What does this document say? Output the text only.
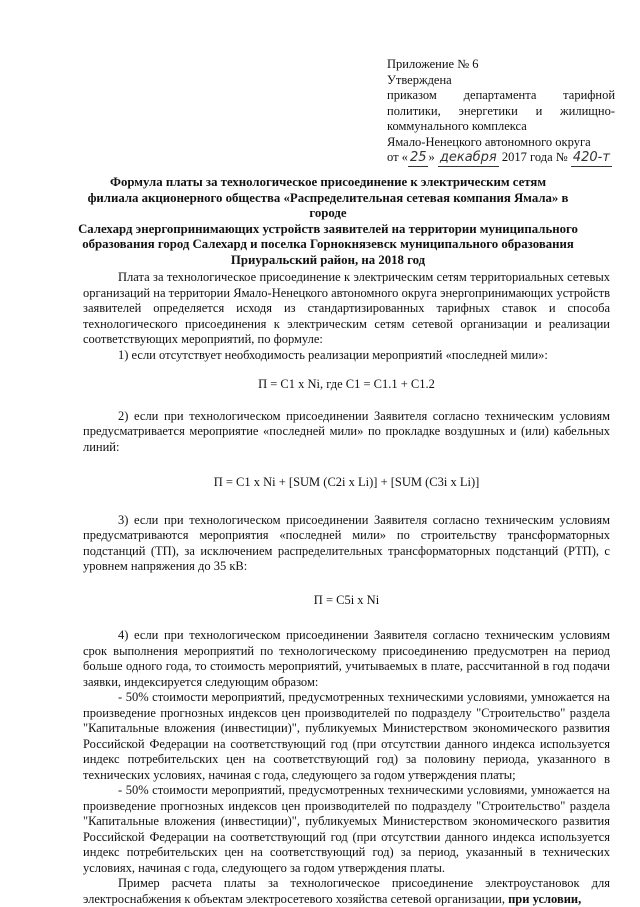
Приложение № 6
Утверждена
приказом департамента тарифной
политики, энергетики и жилищно-
коммунального комплекса
Ямало-Ненецкого автономного округа
от « 25 » декабря 2017 года № 420-т
Формула платы за технологическое присоединение к электрическим сетям
филиала акционерного общества «Распределительная сетевая компания Ямала» в городе
Салехард энергопринимающих устройств заявителей на территории муниципального
образования город Салехард и поселка Горнокнязевск муниципального образования
Приуральский район, на 2018 год

Плата за технологическое присоединение к электрическим сетям территориальных сетевых организаций на территории Ямало-Ненецкого автономного округа энергопринимающих устройств заявителей определяется исходя из стандартизированных тарифных ставок и способа технологического присоединения к электрическим сетям сетевой организации и реализации соответствующих мероприятий, по формуле:

1) если отсутствует необходимость реализации мероприятий «последней мили»:

П = С1 х Ni, где С1 = С1.1 + С1.2

2) если при технологическом присоединении Заявителя согласно техническим условиям предусматривается мероприятие «последней мили» по прокладке воздушных и (или) кабельных линий:

П = С1 х Ni + [SUM (С2i х Li)] + [SUM (С3i х Li)]

3) если при технологическом присоединении Заявителя согласно техническим условиям предусматриваются мероприятия «последней мили» по строительству трансформаторных подстанций (ТП), за исключением распределительных трансформаторных подстанций (РТП), с уровнем напряжения до 35 кВ:

П = С5i х Ni

4) если при технологическом присоединении Заявителя согласно техническим условиям срок выполнения мероприятий по технологическому присоединению предусмотрен на период больше одного года, то стоимость мероприятий, учитываемых в плате, рассчитанной в год подачи заявки, индексируется следующим образом:

- 50% стоимости мероприятий, предусмотренных техническими условиями, умножается на произведение прогнозных индексов цен производителей по подразделу "Строительство" раздела "Капитальные вложения (инвестиции)", публикуемых Министерством экономического развития Российской Федерации на соответствующий год (при отсутствии данного индекса используется индекс потребительских цен на соответствующий год) за половину периода, указанного в технических условиях, начиная с года, следующего за годом утверждения платы;

- 50% стоимости мероприятий, предусмотренных техническими условиями, умножается на произведение прогнозных индексов цен производителей по подразделу "Строительство" раздела "Капитальные вложения (инвестиции)", публикуемых Министерством экономического развития Российской Федерации на соответствующий год (при отсутствии данного индекса используется индекс потребительских цен на соответствующий год) за период, указанный в технических условиях, начиная с года, следующего за годом утверждения платы.

Пример расчета платы за технологическое присоединение электроустановок для электроснабжения к объектам электросетевого хозяйства сетевой организации, при условии,
